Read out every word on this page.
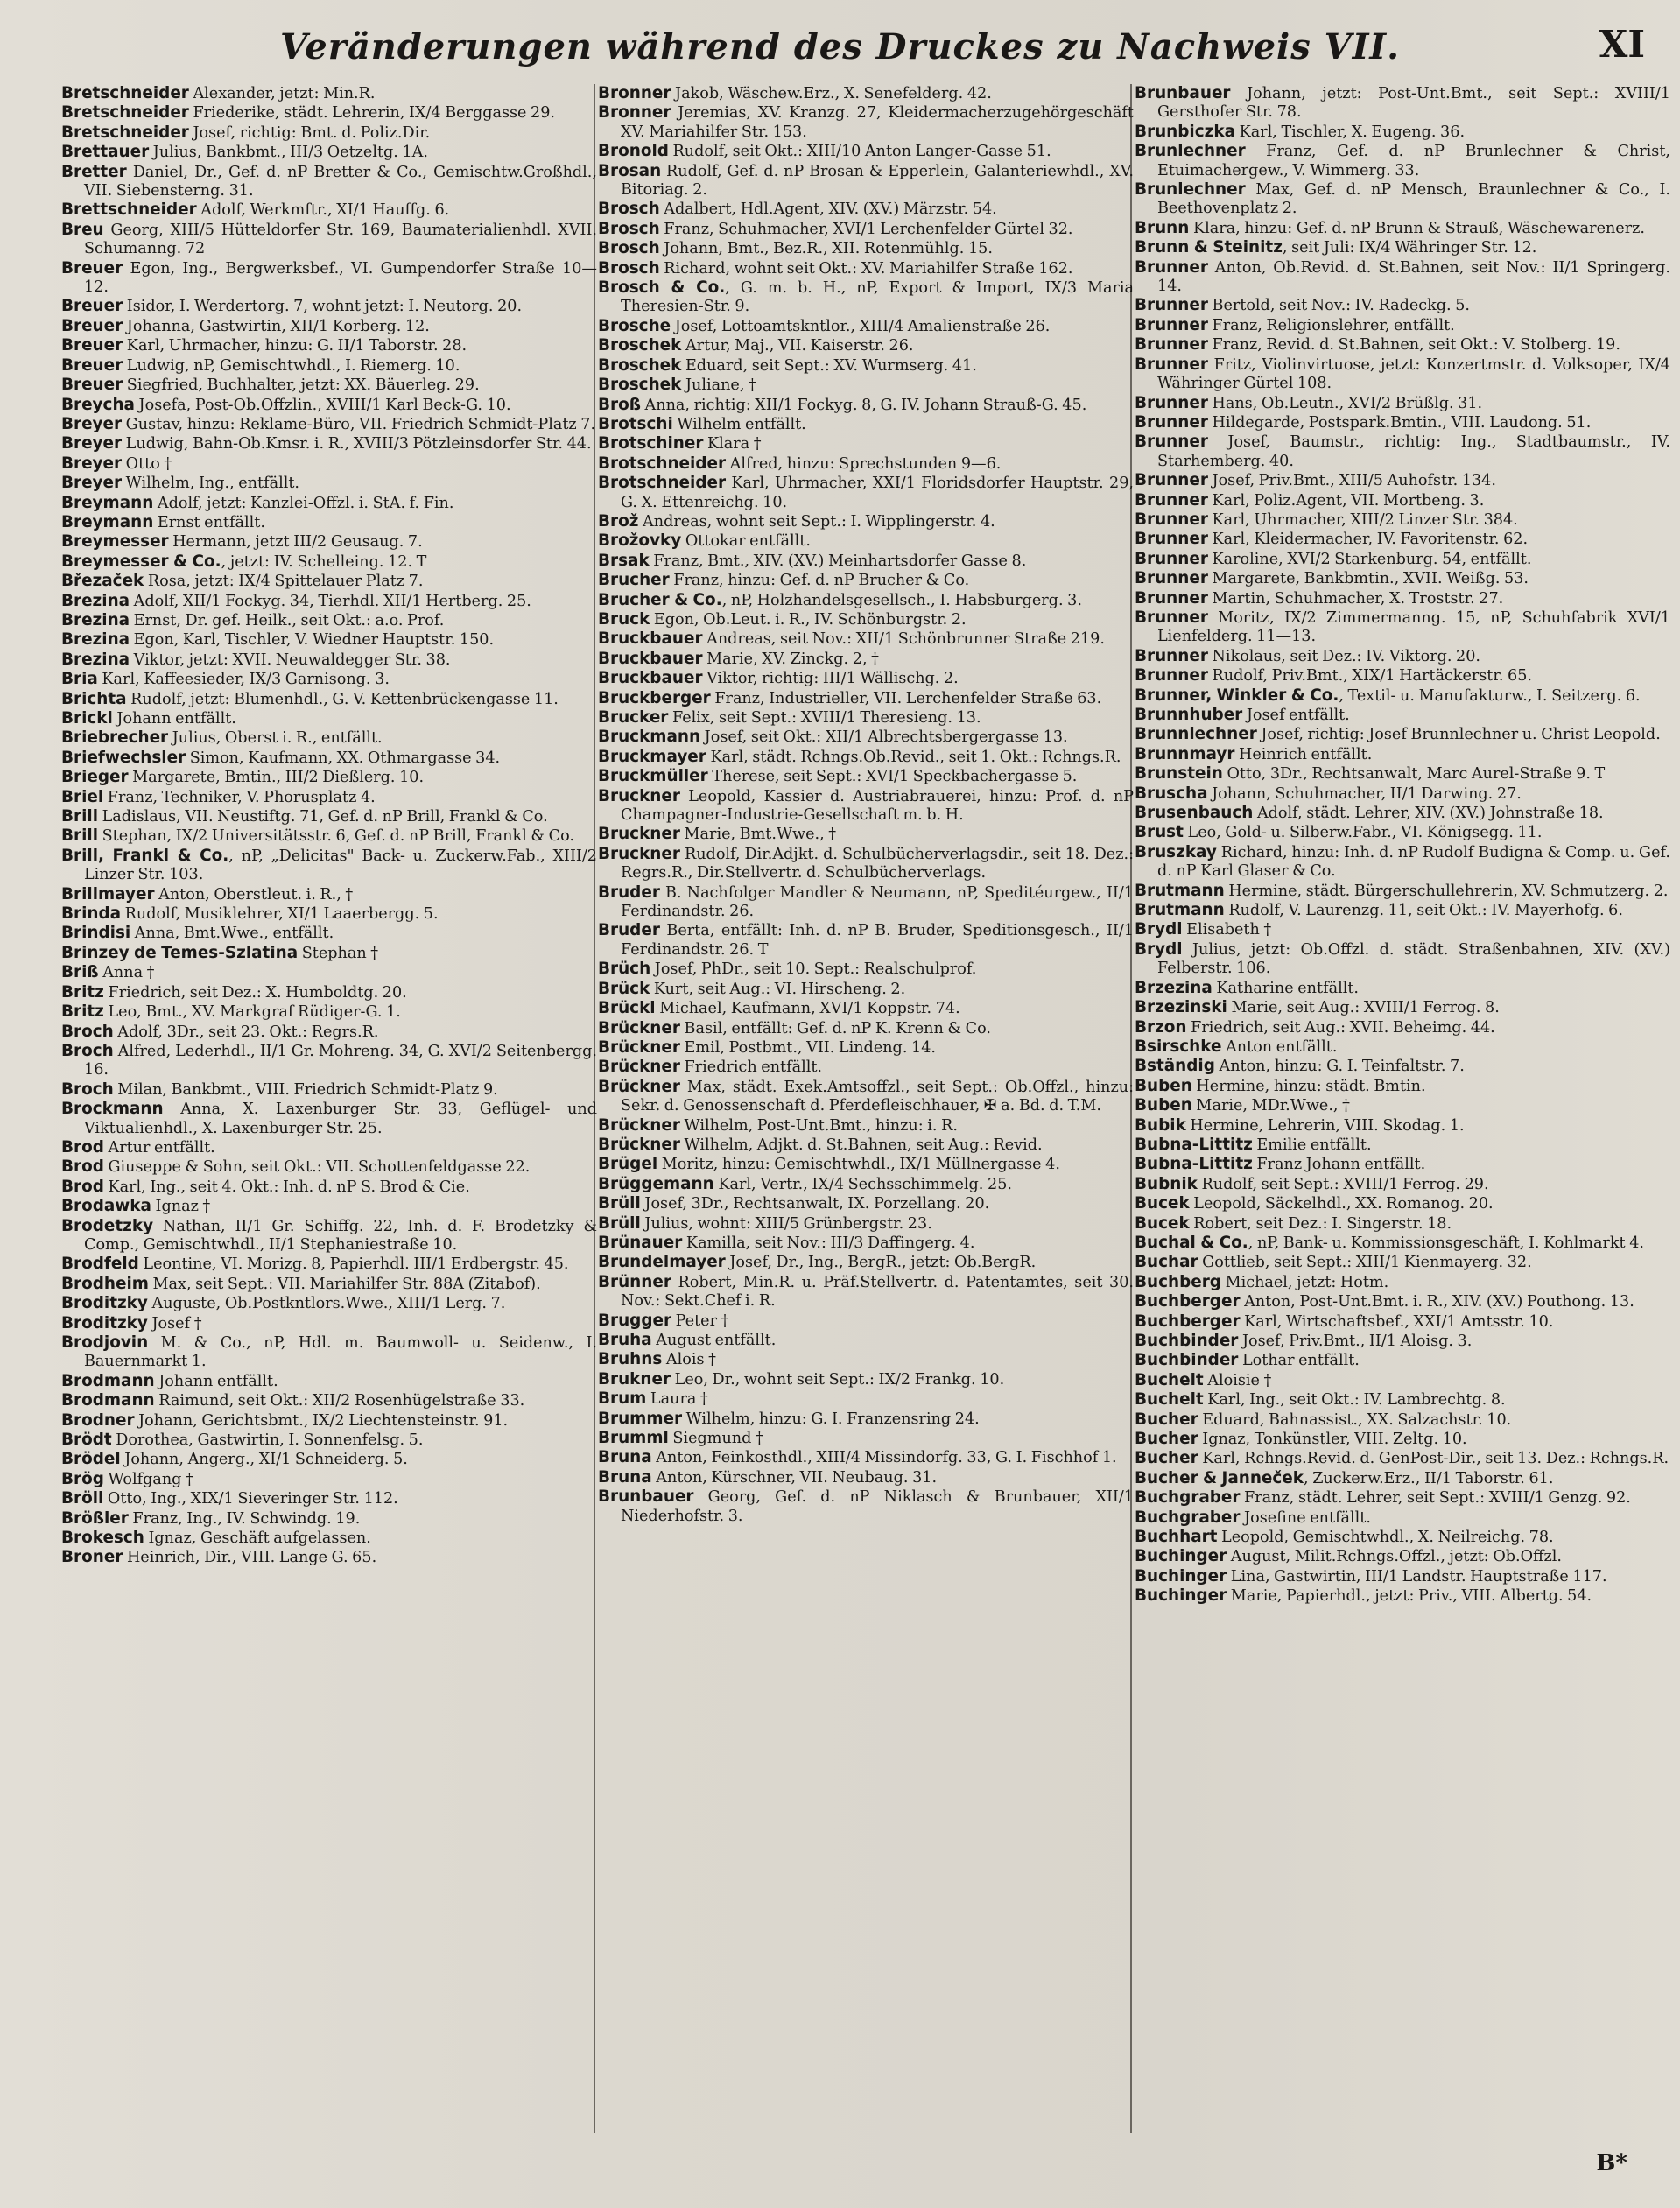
Veränderungen während des Druckes zu Nachweis VII.	XI
Bretschneider Alexander, jetzt: Min.R.
Bretschneider Friederike, städt. Lehrerin, IX/4 Berggasse 29.
Bretschneider Josef, richtig: Bmt. d. Poliz.Dir.
Brettauer Julius, Bankbmt., III/3 Oetzeltg. 1A.
Bretter Daniel, Dr., Gef. d. nP Bretter & Co., Gemischtw.Großhdl., VII. Siebensterng. 31.
Brettschneider Adolf, Werkmftr., XI/1 Hauffg. 6.
Breu Georg, XIII/5 Hütteldorfer Str. 169, Baumaterialienhdl. XVII. Schumanng. 72
Breuer Egon, Ing., Bergwerksbef., VI. Gumpendorfer Straße 10—12.
Breuer Isidor, I. Werdertorg. 7, wohnt jetzt: I. Neutorg. 20.
Breuer Johanna, Gastwirtin, XII/1 Korberg. 12.
Breuer Karl, Uhrmacher, hinzu: G. II/1 Taborstr. 28.
Breuer Ludwig, nP, Gemischtwhdl., I. Riemerg. 10.
Breuer Siegfried, Buchhalter, jetzt: XX. Bäuerleg. 29.
Breycha Josefa, Post-Ob.Offzlin., XVIII/1 Karl Beck-G. 10.
Breyer Gustav, hinzu: Reklame-Büro, VII. Friedrich Schmidt-Platz 7.
Breyer Ludwig, Bahn-Ob.Kmsr. i. R., XVIII/3 Pötzleinsdorfer Str. 44.
Breyer Otto †
Breyer Wilhelm, Ing., entfällt.
Breymann Adolf, jetzt: Kanzlei-Offzl. i. StA. f. Fin.
Breymann Ernst entfällt.
Breymesser Hermann, jetzt III/2 Geusaug. 7.
Breymesser & Co., jetzt: IV. Schelleing. 12. T
Březaček Rosa, jetzt: IX/4 Spittelauer Platz 7.
Brezina Adolf, XII/1 Fockyg. 34, Tierhdl. XII/1 Hertberg. 25.
Brezina Ernst, Dr. gef. Heilk., seit Okt.: a.o. Prof.
Brezina Egon, Karl, Tischler, V. Wiedner Hauptstr. 150.
Brezina Viktor, jetzt: XVII. Neuwaldegger Str. 38.
Bria Karl, Kaffeesieder, IX/3 Garnisong. 3.
Brichta Rudolf, jetzt: Blumenhdl., G. V. Kettenbrückengasse 11.
Brickl Johann entfällt.
Briebrecher Julius, Oberst i. R., entfällt.
Briefwechsler Simon, Kaufmann, XX. Othmargasse 34.
Brieger Margarete, Bmtin., III/2 Dießlerg. 10.
Briel Franz, Techniker, V. Phorusplatz 4.
Brill Ladislaus, VII. Neustiftg. 71, Gef. d. nP Brill, Frankl & Co.
Brill Stephan, IX/2 Universitätsstr. 6, Gef. d. nP Brill, Frankl & Co.
Brill, Frankl & Co., nP, „Delicitas" Back- u. Zuckerw.Fab., XIII/2 Linzer Str. 103.
Brillmayer Anton, Oberstleut. i. R., †
Brinda Rudolf, Musiklehrer, XI/1 Laaerbergg. 5.
Brindisi Anna, Bmt.Wwe., entfällt.
Brinzey de Temes-Szlatina Stephan †
Briß Anna †
Britz Friedrich, seit Dez.: X. Humboldtg. 20.
Britz Leo, Bmt., XV. Markgraf Rüdiger-G. 1.
Broch Adolf, 3Dr., seit 23. Okt.: Regrs.R.
Broch Alfred, Lederhdl., II/1 Gr. Mohreng. 34, G. XVI/2 Seitenbergg. 16.
Broch Milan, Bankbmt., VIII. Friedrich Schmidt-Platz 9.
Brockmann Anna, X. Laxenburger Str. 33, Geflügel- und Viktualienhdl., X. Laxenburger Str. 25.
Brod Artur entfällt.
Brod Giuseppe & Sohn, seit Okt.: VII. Schottenfeldgasse 22.
Brod Karl, Ing., seit 4. Okt.: Inh. d. nP S. Brod & Cie.
Brodawka Ignaz †
Brodetzky Nathan, II/1 Gr. Schiffg. 22, Inh. d. F. Brodetzky & Comp., Gemischtwhdl., II/1 Stephaniestraße 10.
Brodfeld Leontine, VI. Morizg. 8, Papierhdl. III/1 Erdbergstr. 45.
Brodheim Max, seit Sept.: VII. Mariahilfer Str. 88A (Zitabof).
Broditzky Auguste, Ob.Postkntlors.Wwe., XIII/1 Lerg. 7.
Broditzky Josef †
Brodjovin M. & Co., nP, Hdl. m. Baumwoll- u. Seidenw., I. Bauernmarkt 1.
Brodmann Johann entfällt.
Brodmann Raimund, seit Okt.: XII/2 Rosenhügelstraße 33.
Brodner Johann, Gerichtsbmt., IX/2 Liechtensteinstr. 91.
Brödt Dorothea, Gastwirtin, I. Sonnenfelsg. 5.
Brödel Johann, Angerg., XI/1 Schneiderg. 5.
Brög Wolfgang †
Bröll Otto, Ing., XIX/1 Sieveringer Str. 112.
Brößler Franz, Ing., IV. Schwindg. 19.
Brokesch Ignaz, Geschäft aufgelassen.
Broner Heinrich, Dir., VIII. Lange G. 65.
Bronner Jakob, Wäschew.Erz., X. Senefelderg. 42.
Bronner Jeremias, XV. Kranzg. 27, Kleidermacherzugehörgeschäft XV. Mariahilfer Str. 153.
Bronold Rudolf, seit Okt.: XIII/10 Anton Langer-Gasse 51.
Brosan Rudolf, Gef. d. nP Brosan & Epperlein, Galanteriewhdl., XV. Bitoriag. 2.
Brosch Adalbert, Hdl.Agent, XIV. (XV.) Märzstr. 54.
Brosch Franz, Schuhmacher, XVI/1 Lerchenfelder Gürtel 32.
Brosch Johann, Bmt., Bez.R., XII. Rotenmühlg. 15.
Brosch Richard, wohnt seit Okt.: XV. Mariahilfer Straße 162.
Brosch & Co., G. m. b. H., nP, Export & Import, IX/3 Maria Theresien-Str. 9.
Brosche Josef, Lottoamtskntlor., XIII/4 Amalienstraße 26.
Broschek Artur, Maj., VII. Kaiserstr. 26.
Broschek Eduard, seit Sept.: XV. Wurmserg. 41.
Broschek Juliane, †
Broß Anna, richtig: XII/1 Fockyg. 8, G. IV. Johann Strauß-G. 45.
Brotschi Wilhelm entfällt.
Brotschiner Klara †
Brotschneider Alfred, hinzu: Sprechstunden 9—6.
Brotschneider Karl, Uhrmacher, XXI/1 Floridsdorfer Hauptstr. 29, G. X. Ettenreichg. 10.
Brož Andreas, wohnt seit Sept.: I. Wipplingerstr. 4.
Brožovky Ottokar entfällt.
Brsak Franz, Bmt., XIV. (XV.) Meinhartsdorfer Gasse 8.
Brucher Franz, hinzu: Gef. d. nP Brucher & Co.
Brucher & Co., nP, Holzhandelsgesellsch., I. Habsburgerg. 3.
Bruck Egon, Ob.Leut. i. R., IV. Schönburgstr. 2.
Bruckbauer Andreas, seit Nov.: XII/1 Schönbrunner Straße 219.
Bruckbauer Marie, XV. Zinckg. 2, †
Bruckbauer Viktor, richtig: III/1 Wällischg. 2.
Bruckberger Franz, Industrieller, VII. Lerchenfelder Straße 63.
Brucker Felix, seit Sept.: XVIII/1 Theresieng. 13.
Bruckmann Josef, seit Okt.: XII/1 Albrechtsbergergasse 13.
Bruckmayer Karl, städt. Rchngs.Ob.Revid., seit 1. Okt.: Rchngs.R.
Bruckmüller Therese, seit Sept.: XVI/1 Speckbachergasse 5.
Bruckner Leopold, Kassier d. Austriabrauerei, hinzu: Prof. d. nP Champagner-Industrie-Gesellschaft m. b. H.
Bruckner Marie, Bmt.Wwe., †
Bruckner Rudolf, Dir.Adjkt. d. Schulbücherverlagsdir., seit 18. Dez.: Regrs.R., Dir.Stellvertr. d. Schulbücherverlags.
Bruder B. Nachfolger Mandler & Neumann, nP, Speditéurgew., II/1 Ferdinandstr. 26.
Bruder Berta, entfällt: Inh. d. nP B. Bruder, Speditionsgesch., II/1 Ferdinandstr. 26. T
Brüch Josef, PhDr., seit 10. Sept.: Realschulprof.
Brück Kurt, seit Aug.: VI. Hirscheng. 2.
Brückl Michael, Kaufmann, XVI/1 Koppstr. 74.
Brückner Basil, entfällt: Gef. d. nP K. Krenn & Co.
Brückner Emil, Postbmt., VII. Lindeng. 14.
Brückner Friedrich entfällt.
Brückner Max, städt. Exek.Amtsoffzl., seit Sept.: Ob.Offzl., hinzu: Sekr. d. Genossenschaft d. Pferdefleischhauer, ✠ a. Bd. d. T.M.
Brückner Wilhelm, Post-Unt.Bmt., hinzu: i. R.
Brückner Wilhelm, Adjkt. d. St.Bahnen, seit Aug.: Revid.
Brügel Moritz, hinzu: Gemischtwhdl., IX/1 Müllnergasse 4.
Brüggemann Karl, Vertr., IX/4 Sechsschimmelg. 25.
Brüll Josef, 3Dr., Rechtsanwalt, IX. Porzellang. 20.
Brüll Julius, wohnt: XIII/5 Grünbergstr. 23.
Brünauer Kamilla, seit Nov.: III/3 Daffingerg. 4.
Brundelmayer Josef, Dr., Ing., BergR., jetzt: Ob.BergR.
Brünner Robert, Min.R. u. Präf.Stellvertr. d. Patentamtes, seit 30. Nov.: Sekt.Chef i. R.
Brugger Peter †
Bruha August entfällt.
Bruhns Alois †
Brukner Leo, Dr., wohnt seit Sept.: IX/2 Frankg. 10.
Brum Laura †
Brummer Wilhelm, hinzu: G. I. Franzensring 24.
Brumml Siegmund †
Bruna Anton, Feinkosthdl., XIII/4 Missindorfg. 33, G. I. Fischhof 1.
Bruna Anton, Kürschner, VII. Neubaug. 31.
Brunbauer Georg, Gef. d. nP Niklasch & Brunbauer, XII/1 Niederhofstr. 3.
Brunbauer Johann, jetzt: Post-Unt.Bmt., seit Sept.: XVIII/1 Gersthofer Str. 78.
Brunbiczka Karl, Tischler, X. Eugeng. 36.
Brunlechner Franz, Gef. d. nP Brunlechner & Christ, Etuimachergew., V. Wimmerg. 33.
Brunlechner Max, Gef. d. nP Mensch, Braunlechner & Co., I. Beethovenplatz 2.
Brunn Klara, hinzu: Gef. d. nP Brunn & Strauß, Wäschewarenerz.
Brunn & Steinitz, seit Juli: IX/4 Währinger Str. 12.
Brunner Anton, Ob.Revid. d. St.Bahnen, seit Nov.: II/1 Springerg. 14.
Brunner Bertold, seit Nov.: IV. Radeckg. 5.
Brunner Franz, Religionslehrer, entfällt.
Brunner Franz, Revid. d. St.Bahnen, seit Okt.: V. Stolberg. 19.
Brunner Fritz, Violinvirtuose, jetzt: Konzertmstr. d. Volksoper, IX/4 Währinger Gürtel 108.
Brunner Hans, Ob.Leutn., XVI/2 Brüßlg. 31.
Brunner Hildegarde, Postspark.Bmtin., VIII. Laudong. 51.
Brunner Josef, Baumstr., richtig: Ing., Stadtbaumstr., IV. Starhemberg. 40.
Brunner Josef, Priv.Bmt., XIII/5 Auhofstr. 134.
Brunner Karl, Poliz.Agent, VII. Mortbeng. 3.
Brunner Karl, Uhrmacher, XIII/2 Linzer Str. 384.
Brunner Karl, Kleidermacher, IV. Favoritenstr. 62.
Brunner Karoline, XVI/2 Starkenburg. 54, entfällt.
Brunner Margarete, Bankbmtin., XVII. Weißg. 53.
Brunner Martin, Schuhmacher, X. Troststr. 27.
Brunner Moritz, IX/2 Zimmermanng. 15, nP, Schuhfabrik XVI/1 Lienfelderg. 11—13.
Brunner Nikolaus, seit Dez.: IV. Viktorg. 20.
Brunner Rudolf, Priv.Bmt., XIX/1 Hartäckerstr. 65.
Brunner, Winkler & Co., Textil- u. Manufakturw., I. Seitzerg. 6.
Brunnhuber Josef entfällt.
Brunnlechner Josef, richtig: Josef Brunnlechner u. Christ Leopold.
Brunnmayr Heinrich entfällt.
Brunstein Otto, 3Dr., Rechtsanwalt, Marc Aurel-Straße 9. T
Bruscha Johann, Schuhmacher, II/1 Darwing. 27.
Brusenbauch Adolf, städt. Lehrer, XIV. (XV.) Johnstraße 18.
Brust Leo, Gold- u. Silberw.Fabr., VI. Königsegg. 11.
Bruszkay Richard, hinzu: Inh. d. nP Rudolf Budigna & Comp. u. Gef. d. nP Karl Glaser & Co.
Brutmann Hermine, städt. Bürgerschullehrerin, XV. Schmutzerg. 2.
Brutmann Rudolf, V. Laurenzg. 11, seit Okt.: IV. Mayerhofg. 6.
Brydl Elisabeth †
Brydl Julius, jetzt: Ob.Offzl. d. städt. Straßenbahnen, XIV. (XV.) Felberstr. 106.
Brzezina Katharine entfällt.
Brzezinski Marie, seit Aug.: XVIII/1 Ferrog. 8.
Brzon Friedrich, seit Aug.: XVII. Beheimg. 44.
Bsirschke Anton entfällt.
Bständig Anton, hinzu: G. I. Teinfaltstr. 7.
Buben Hermine, hinzu: städt. Bmtin.
Buben Marie, MDr.Wwe., †
Bubik Hermine, Lehrerin, VIII. Skodag. 1.
Bubna-Littitz Emilie entfällt.
Bubna-Littitz Franz Johann entfällt.
Bubnik Rudolf, seit Sept.: XVIII/1 Ferrog. 29.
Bucek Leopold, Säckelhdl., XX. Romanog. 20.
Bucek Robert, seit Dez.: I. Singerstr. 18.
Buchal & Co., nP, Bank- u. Kommissionsgeschäft, I. Kohlmarkt 4.
Buchar Gottlieb, seit Sept.: XIII/1 Kienmayerg. 32.
Buchberg Michael, jetzt: Hotm.
Buchberger Anton, Post-Unt.Bmt. i. R., XIV. (XV.) Pouthong. 13.
Buchberger Karl, Wirtschaftsbef., XXI/1 Amtsstr. 10.
Buchbinder Josef, Priv.Bmt., II/1 Aloisg. 3.
Buchbinder Lothar entfällt.
Buchelt Aloisie †
Buchelt Karl, Ing., seit Okt.: IV. Lambrechtg. 8.
Bucher Eduard, Bahnassist., XX. Salzachstr. 10.
Bucher Ignaz, Tonkünstler, VIII. Zeltg. 10.
Bucher Karl, Rchngs.Revid. d. GenPost-Dir., seit 13. Dez.: Rchngs.R.
Bucher & Janneček, Zuckerw.Erz., II/1 Taborstr. 61.
Buchgraber Franz, städt. Lehrer, seit Sept.: XVIII/1 Genzg. 92.
Buchgraber Josefine entfällt.
Buchhart Leopold, Gemischtwhdl., X. Neilreichg. 78.
Buchinger August, Milit.Rchngs.Offzl., jetzt: Ob.Offzl.
Buchinger Lina, Gastwirtin, III/1 Landstr. Hauptstraße 117.
Buchinger Marie, Papierhdl., jetzt: Priv., VIII. Albertg. 54.
B*
